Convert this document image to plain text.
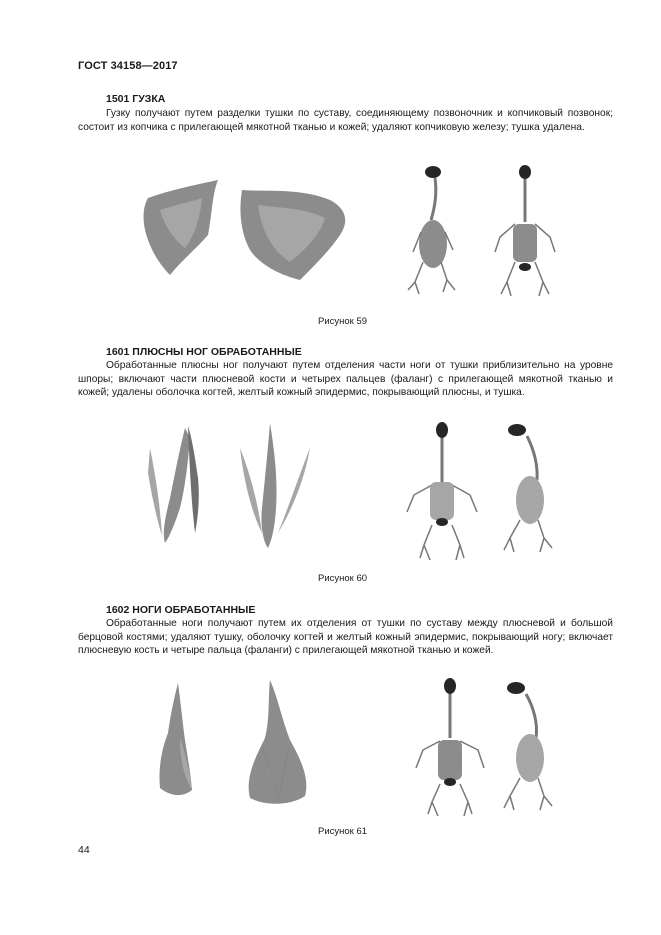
ГОСТ 34158—2017
1501 ГУЗКА

Гузку получают путем разделки тушки по суставу, соединяющему позвоночник и копчиковый позвонок; состоит из копчика с прилегающей мякотной тканью и кожей; удаляют копчиковую железу; тушка удалена.

Рисунок 59
1601 ПЛЮСНЫ НОГ ОБРАБОТАННЫЕ

Обработанные плюсны ног получают путем отделения части ноги от тушки приблизительно на уровне шпоры; включают части плюсневой кости и четырех пальцев (фаланг) с прилегающей мякотной тканью и кожей; удалены оболочка когтей, желтый кожный эпидермис, покрывающий плюсны, и тушка.

Рисунок 60
1602 НОГИ ОБРАБОТАННЫЕ

Обработанные ноги получают путем их отделения от тушки по суставу между плюсневой и большой берцовой костями; удаляют тушку, оболочку когтей и желтый кожный эпидермис, покрывающий ногу; включает плюсневую кость и четыре пальца (фаланги) с прилегающей мякотной тканью и кожей.

Рисунок 61
44
